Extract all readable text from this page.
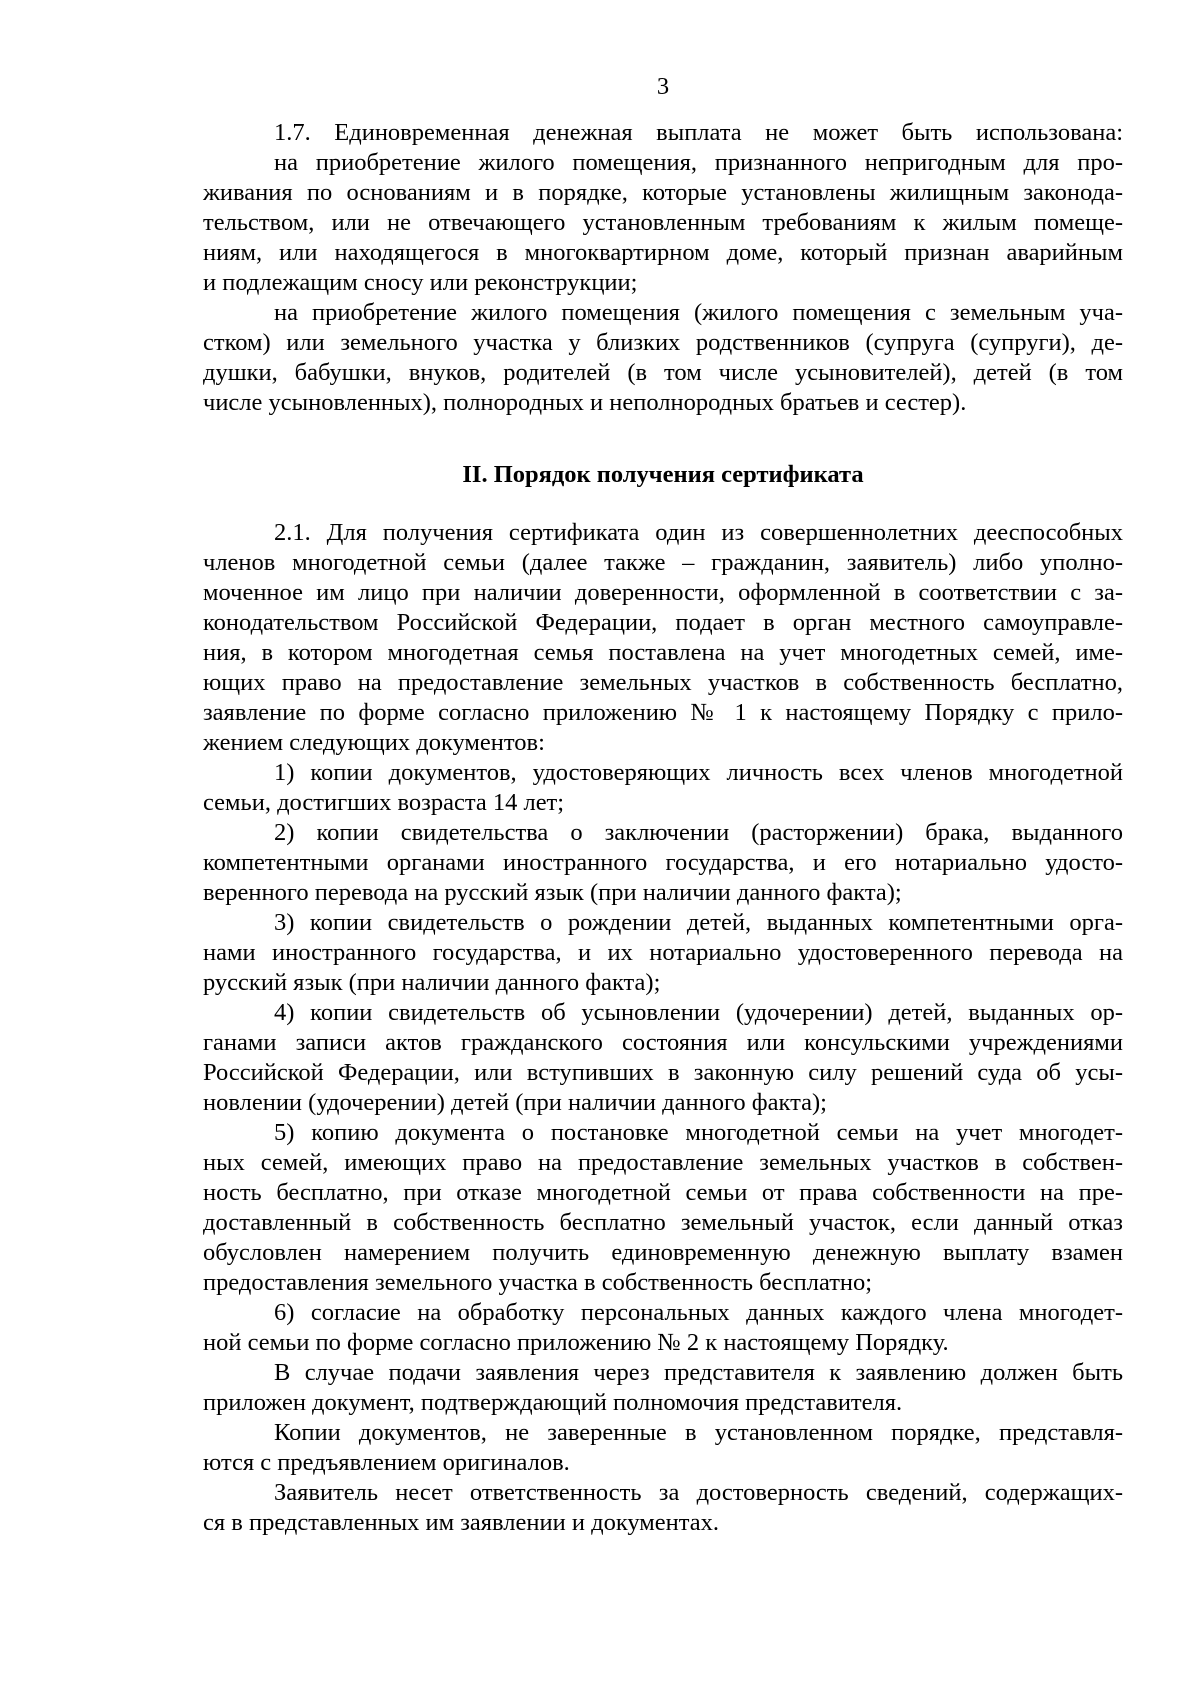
3
1.7. Единовременная денежная выплата не может быть использована:
на приобретение жилого помещения, признанного непригодным для про-
живания по основаниям и в порядке, которые установлены жилищным законода-
тельством, или не отвечающего установленным требованиям к жилым помеще-
ниям, или находящегося в многоквартирном доме, который признан аварийным
и подлежащим сносу или реконструкции;
на приобретение жилого помещения (жилого помещения с земельным уча-
стком) или земельного участка у близких родственников (супруга (супруги), де-
душки, бабушки, внуков, родителей (в том числе усыновителей), детей (в том
числе усыновленных), полнородных и неполнородных братьев и сестер).
II. Порядок получения сертификата
2.1. Для получения сертификата один из совершеннолетних дееспособных
членов многодетной семьи (далее также – гражданин, заявитель) либо уполно-
моченное им лицо при наличии доверенности, оформленной в соответствии с за-
конодательством Российской Федерации, подает в орган местного самоуправле-
ния, в котором многодетная семья поставлена на учет многодетных семей, име-
ющих право на предоставление земельных участков в собственность бесплатно,
заявление по форме согласно приложению № 1 к настоящему Порядку с прило-
жением следующих документов:
1) копии документов, удостоверяющих личность всех членов многодетной
семьи, достигших возраста 14 лет;
2) копии свидетельства о заключении (расторжении) брака, выданного
компетентными органами иностранного государства, и его нотариально удосто-
веренного перевода на русский язык (при наличии данного факта);
3) копии свидетельств о рождении детей, выданных компетентными орга-
нами иностранного государства, и их нотариально удостоверенного перевода на
русский язык (при наличии данного факта);
4) копии свидетельств об усыновлении (удочерении) детей, выданных ор-
ганами записи актов гражданского состояния или консульскими учреждениями
Российской Федерации, или вступивших в законную силу решений суда об усы-
новлении (удочерении) детей (при наличии данного факта);
5) копию документа о постановке многодетной семьи на учет многодет-
ных семей, имеющих право на предоставление земельных участков в собствен-
ность бесплатно, при отказе многодетной семьи от права собственности на пре-
доставленный в собственность бесплатно земельный участок, если данный отказ
обусловлен намерением получить единовременную денежную выплату взамен
предоставления земельного участка в собственность бесплатно;
6) согласие на обработку персональных данных каждого члена многодет-
ной семьи по форме согласно приложению № 2 к настоящему Порядку.
В случае подачи заявления через представителя к заявлению должен быть
приложен документ, подтверждающий полномочия представителя.
Копии документов, не заверенные в установленном порядке, представля-
ются с предъявлением оригиналов.
Заявитель несет ответственность за достоверность сведений, содержащих-
ся в представленных им заявлении и документах.
